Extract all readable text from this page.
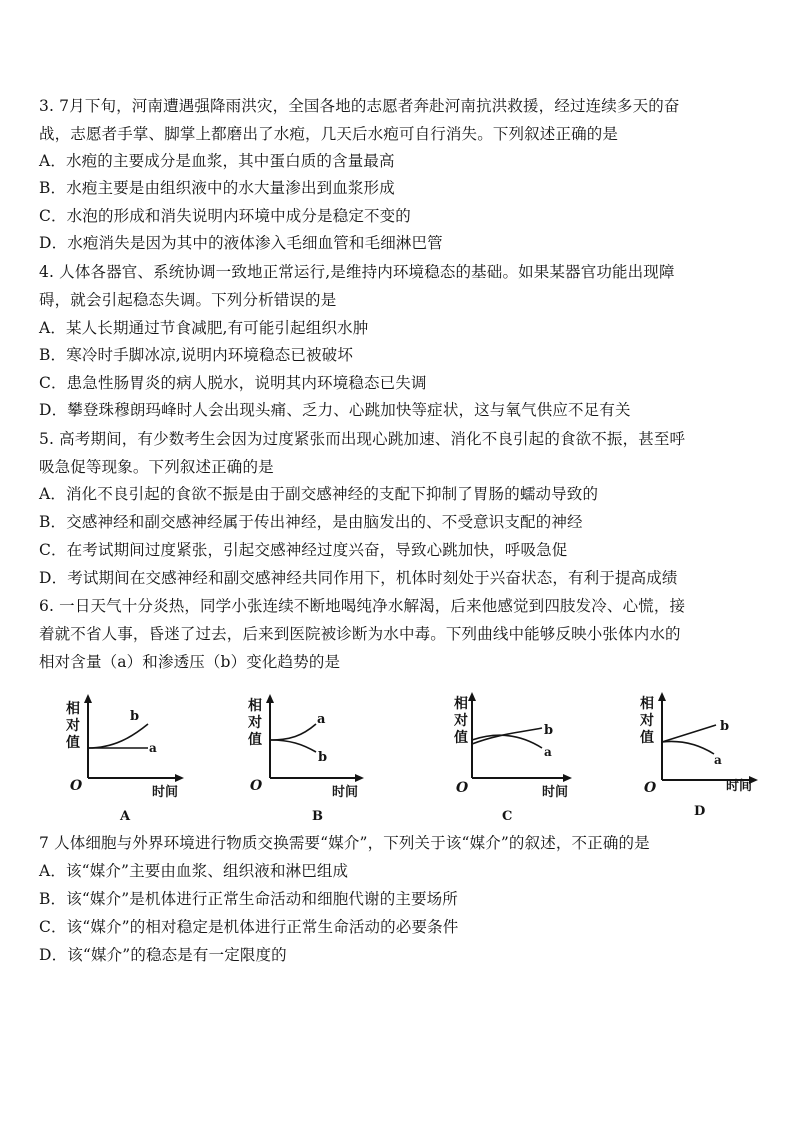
3. 7月下旬，河南遭遇强降雨洪灾，全国各地的志愿者奔赴河南抗洪救援，经过连续多天的奋
战，志愿者手掌、脚掌上都磨出了水疱，几天后水疱可自行消失。下列叙述正确的是
A．水疱的主要成分是血浆，其中蛋白质的含量最高
B．水疱主要是由组织液中的水大量渗出到血浆形成
C．水泡的形成和消失说明内环境中成分是稳定不变的
D．水疱消失是因为其中的液体渗入毛细血管和毛细淋巴管
4. 人体各器官、系统协调一致地正常运行,是维持内环境稳态的基础。如果某器官功能出现障
碍，就会引起稳态失调。下列分析错误的是
A．某人长期通过节食减肥,有可能引起组织水肿
B．寒冷时手脚冰凉,说明内环境稳态已被破坏
C．患急性肠胃炎的病人脱水，说明其内环境稳态已失调
D．攀登珠穆朗玛峰时人会出现头痛、乏力、心跳加快等症状，这与氧气供应不足有关
5. 高考期间，有少数考生会因为过度紧张而出现心跳加速、消化不良引起的食欲不振，甚至呼
吸急促等现象。下列叙述正确的是
A．消化不良引起的食欲不振是由于副交感神经的支配下抑制了胃肠的蠕动导致的
B．交感神经和副交感神经属于传出神经，是由脑发出的、不受意识支配的神经
C．在考试期间过度紧张，引起交感神经过度兴奋，导致心跳加快，呼吸急促
D．考试期间在交感神经和副交感神经共同作用下，机体时刻处于兴奋状态，有利于提高成绩
6. 一日天气十分炎热，同学小张连续不断地喝纯净水解渴，后来他感觉到四肢发冷、心慌，接
着就不省人事，昏迷了过去，后来到医院被诊断为水中毒。下列曲线中能够反映小张体内水的
相对含量（a）和渗透压（b）变化趋势的是
相
对
值
b
a
O	时间
A
相
对
值
a
b
O	时间
B
相
对
值	b
a
O	时间
C
相
对
值
b
a
O	时间
D
7 人体细胞与外界环境进行物质交换需要“媒介”，下列关于该“媒介”的叙述，不正确的是
A．该“媒介”主要由血浆、组织液和淋巴组成
B．该“媒介”是机体进行正常生命活动和细胞代谢的主要场所
C．该“媒介”的相对稳定是机体进行正常生命活动的必要条件
D．该“媒介”的稳态是有一定限度的
